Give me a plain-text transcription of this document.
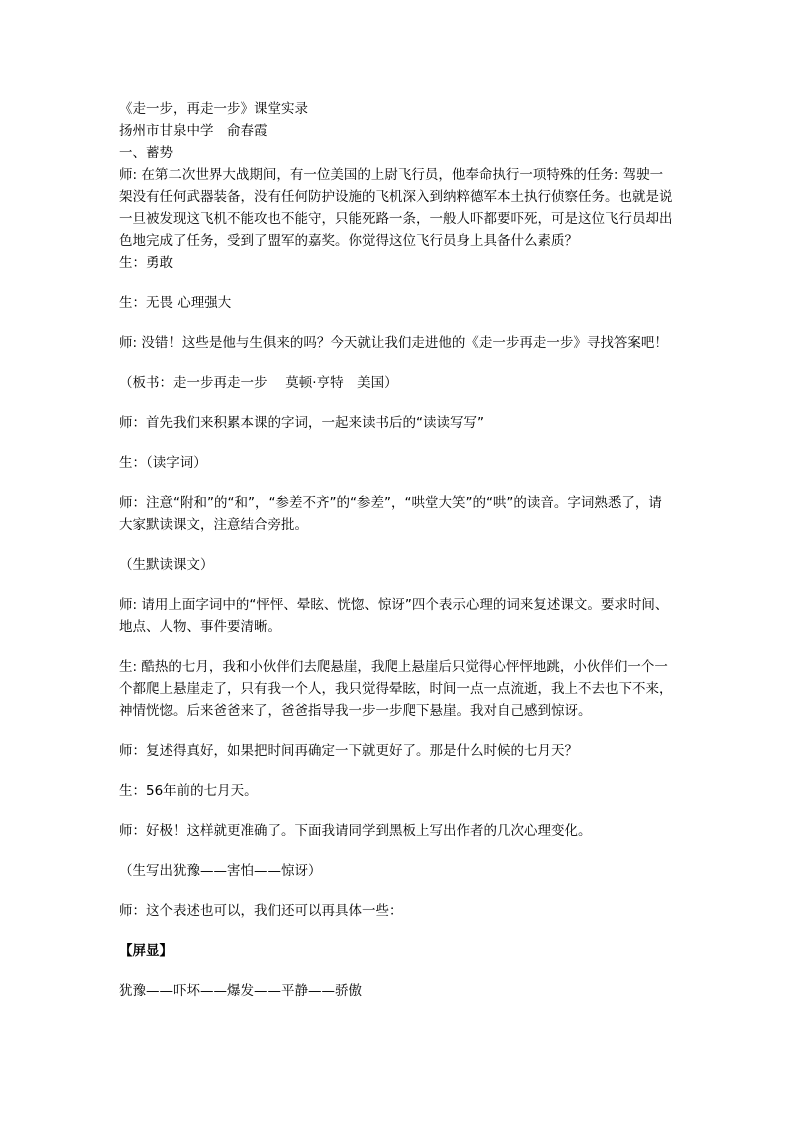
《走一步，再走一步》课堂实录

扬州市甘泉中学　俞春霞

一、蓄势

师: 在第二次世界大战期间，有一位美国的上尉飞行员，他奉命执行一项特殊的任务: 驾驶一架没有任何武器装备，没有任何防护设施的飞机深入到纳粹德军本土执行侦察任务。也就是说一旦被发现这飞机不能攻也不能守，只能死路一条，一般人吓都要吓死，可是这位飞行员却出色地完成了任务，受到了盟军的嘉奖。你觉得这位飞行员身上具备什么素质？

生：勇敢

生：无畏 心理强大

师: 没错！这些是他与生俱来的吗？今天就让我们走进他的《走一步再走一步》寻找答案吧！

（板书：走一步再走一步　 莫顿·亨特　美国）

师：首先我们来积累本课的字词，一起来读书后的“读读写写”

生：（读字词）

师：注意“附和”的“和”，“参差不齐”的“参差”，“哄堂大笑”的“哄”的读音。字词熟悉了，请大家默读课文，注意结合旁批。

（生默读课文）

师: 请用上面字词中的“怦怦、晕眩、恍惚、惊讶”四个表示心理的词来复述课文。要求时间、地点、人物、事件要清晰。

生: 酷热的七月，我和小伙伴们去爬悬崖，我爬上悬崖后只觉得心怦怦地跳，小伙伴们一个一个都爬上悬崖走了，只有我一个人，我只觉得晕眩，时间一点一点流逝，我上不去也下不来，神情恍惚。后来爸爸来了，爸爸指导我一步一步爬下悬崖。我对自己感到惊讶。

师：复述得真好，如果把时间再确定一下就更好了。那是什么时候的七月天？

生：56年前的七月天。

师：好极！这样就更准确了。下面我请同学到黑板上写出作者的几次心理变化。

（生写出犹豫——害怕——惊讶）

师：这个表述也可以，我们还可以再具体一些：

【屏显】

犹豫——吓坏——爆发——平静——骄傲
